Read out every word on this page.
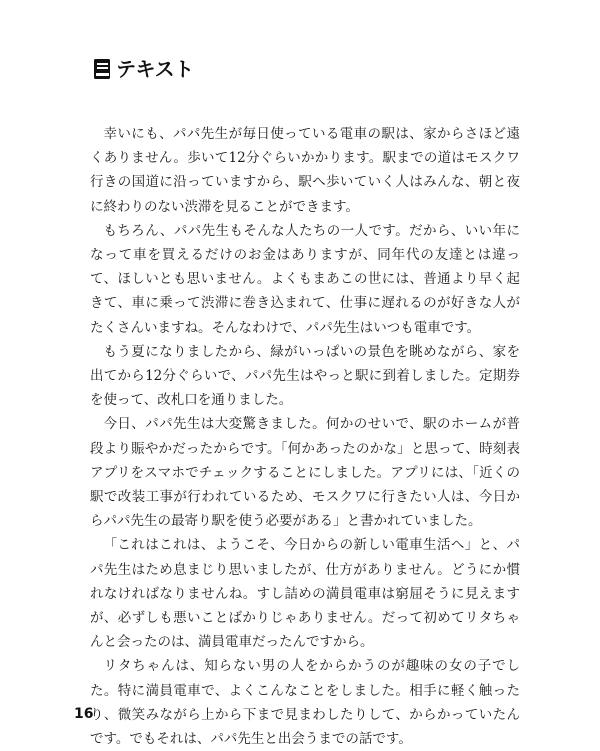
テキスト

幸いにも、パパ先生が毎日使っている電車の駅は、家からさほど遠くありません。歩いて12分ぐらいかかります。駅までの道はモスクワ行きの国道に沿っていますから、駅へ歩いていく人はみんな、朝と夜に終わりのない渋滞を見ることができます。

もちろん、パパ先生もそんな人たちの一人です。だから、いい年になって車を買えるだけのお金はありますが、同年代の友達とは違って、ほしいとも思いません。よくもまあこの世には、普通より早く起きて、車に乗って渋滞に巻き込まれて、仕事に遅れるのが好きな人がたくさんいますね。そんなわけで、パパ先生はいつも電車です。

もう夏になりましたから、緑がいっぱいの景色を眺めながら、家を出てから12分ぐらいで、パパ先生はやっと駅に到着しました。定期券を使って、改札口を通りました。

今日、パパ先生は大変驚きました。何かのせいで、駅のホームが普段より賑やかだったからです。「何かあったのかな」と思って、時刻表アプリをスマホでチェックすることにしました。アプリには、「近くの駅で改装工事が行われているため、モスクワに行きたい人は、今日からパパ先生の最寄り駅を使う必要がある」と書かれていました。

「これはこれは、ようこそ、今日からの新しい電車生活へ」と、パパ先生はため息まじり思いましたが、仕方がありません。どうにか慣れなければなりませんね。すし詰めの満員電車は窮屈そうに見えますが、必ずしも悪いことばかりじゃありません。だって初めてリタちゃんと会ったのは、満員電車だったんですから。

リタちゃんは、知らない男の人をからかうのが趣味の女の子でした。特に満員電車で、よくこんなことをしました。相手に軽く触ったり、微笑みながら上から下まで見まわしたりして、からかっていたんです。でもそれは、パパ先生と出会うまでの話です。

16
